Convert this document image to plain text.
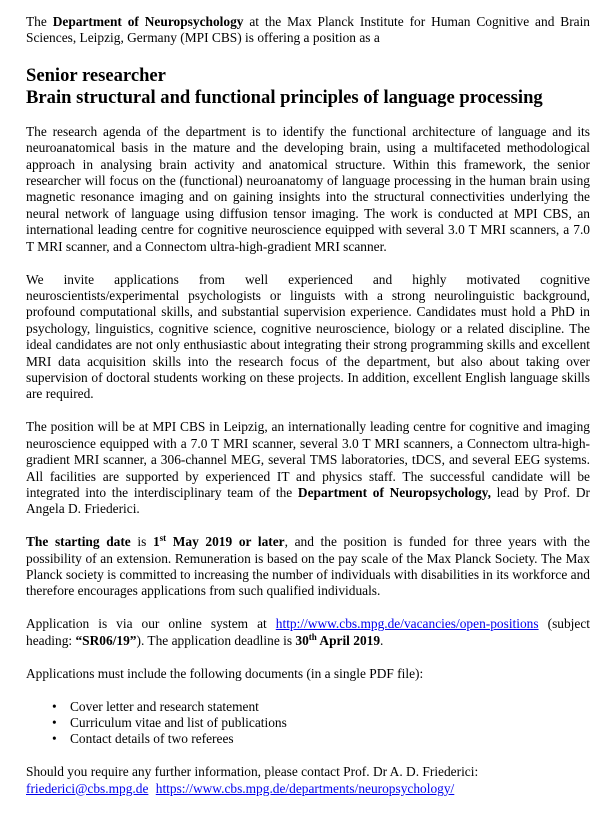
The Department of Neuropsychology at the Max Planck Institute for Human Cognitive and Brain Sciences, Leipzig, Germany (MPI CBS) is offering a position as a

Senior researcher
Brain structural and functional principles of language processing

The research agenda of the department is to identify the functional architecture of language and its neuroanatomical basis in the mature and the developing brain, using a multifaceted methodological approach in analysing brain activity and anatomical structure. Within this framework, the senior researcher will focus on the (functional) neuroanatomy of language processing in the human brain using magnetic resonance imaging and on gaining insights into the structural connectivities underlying the neural network of language using diffusion tensor imaging. The work is conducted at MPI CBS, an international leading centre for cognitive neuroscience equipped with several 3.0 T MRI scanners, a 7.0 T MRI scanner, and a Connectom ultra-high-gradient MRI scanner.

We invite applications from well experienced and highly motivated cognitive neuroscientists/experimental psychologists or linguists with a strong neurolinguistic background, profound computational skills, and substantial supervision experience. Candidates must hold a PhD in psychology, linguistics, cognitive science, cognitive neuroscience, biology or a related discipline. The ideal candidates are not only enthusiastic about integrating their strong programming skills and excellent MRI data acquisition skills into the research focus of the department, but also about taking over supervision of doctoral students working on these projects. In addition, excellent English language skills are required.

The position will be at MPI CBS in Leipzig, an internationally leading centre for cognitive and imaging neuroscience equipped with a 7.0 T MRI scanner, several 3.0 T MRI scanners, a Connectom ultra-high-gradient MRI scanner, a 306-channel MEG, several TMS laboratories, tDCS, and several EEG systems. All facilities are supported by experienced IT and physics staff. The successful candidate will be integrated into the interdisciplinary team of the Department of Neuropsychology, lead by Prof. Dr Angela D. Friederici.

The starting date is 1st May 2019 or later, and the position is funded for three years with the possibility of an extension. Remuneration is based on the pay scale of the Max Planck Society. The Max Planck society is committed to increasing the number of individuals with disabilities in its workforce and therefore encourages applications from such qualified individuals.

Application is via our online system at http://www.cbs.mpg.de/vacancies/open-positions (subject heading: “SR06/19”). The application deadline is 30th April 2019.

Applications must include the following documents (in a single PDF file):

• Cover letter and research statement
• Curriculum vitae and list of publications
• Contact details of two referees

Should you require any further information, please contact Prof. Dr A. D. Friederici:
friederici@cbs.mpg.de https://www.cbs.mpg.de/departments/neuropsychology/
